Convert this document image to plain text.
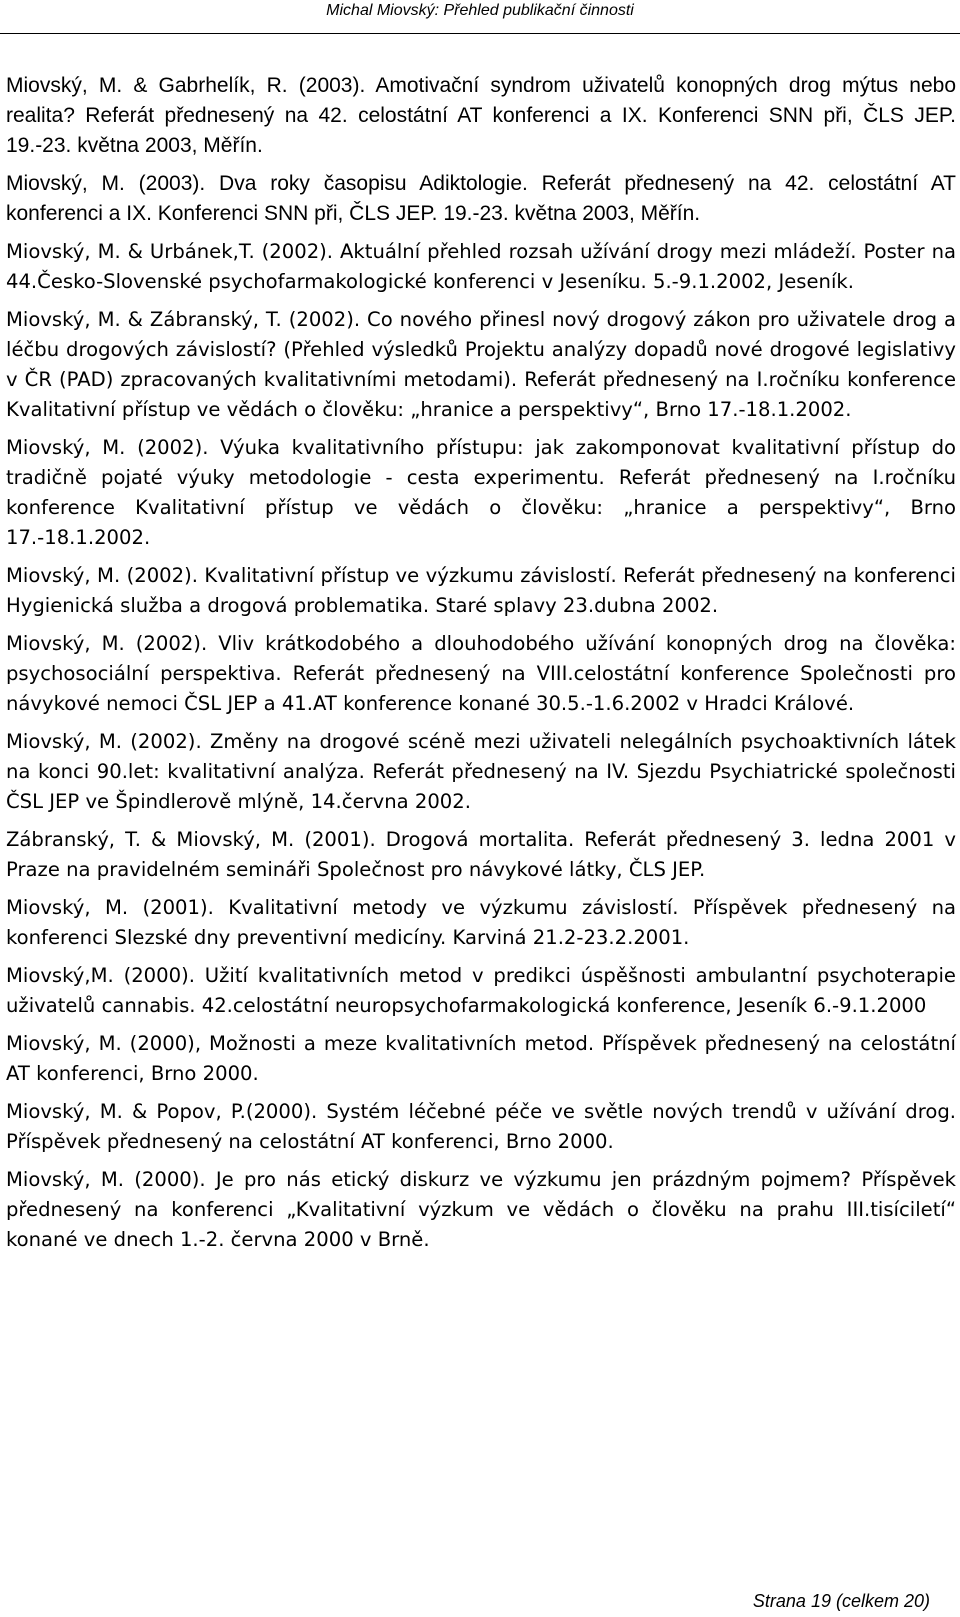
Michal Miovský: Přehled publikační činnosti

Miovský, M. & Gabrhelík, R. (2003). Amotivační syndrom uživatelů konopných drog mýtus nebo realita? Referát přednesený na 42. celostátní AT konferenci a IX. Konferenci SNN při, ČLS JEP. 19.-23. května 2003, Měřín.

Miovský, M. (2003). Dva roky časopisu Adiktologie. Referát přednesený na 42. celostátní AT konferenci a IX. Konferenci SNN při, ČLS JEP. 19.-23. května 2003, Měřín.

Miovský, M. & Urbánek,T. (2002). Aktuální přehled rozsah užívání drogy mezi mládeží. Poster na 44.Česko-Slovenské psychofarmakologické konferenci v Jeseníku. 5.-9.1.2002, Jeseník.

Miovský, M. & Zábranský, T. (2002). Co nového přinesl nový drogový zákon pro uživatele drog a léčbu drogových závislostí? (Přehled výsledků Projektu analýzy dopadů nové drogové legislativy v ČR (PAD) zpracovaných kvalitativními metodami). Referát přednesený na I.ročníku konference Kvalitativní přístup ve vědách o člověku: „hranice a perspektivy“, Brno 17.-18.1.2002.

Miovský, M. (2002). Výuka kvalitativního přístupu: jak zakomponovat kvalitativní přístup do tradičně pojaté výuky metodologie - cesta experimentu. Referát přednesený na I.ročníku konference Kvalitativní přístup ve vědách o člověku: „hranice a perspektivy“, Brno 17.-18.1.2002.

Miovský, M. (2002). Kvalitativní přístup ve výzkumu závislostí. Referát přednesený na konferenci Hygienická služba a drogová problematika. Staré splavy 23.dubna 2002.

Miovský, M. (2002). Vliv krátkodobého a dlouhodobého užívání konopných drog na člověka: psychosociální perspektiva. Referát přednesený na VIII.celostátní konference Společnosti pro návykové nemoci ČSL JEP a 41.AT konference konané 30.5.-1.6.2002 v Hradci Králové.

Miovský, M. (2002). Změny na drogové scéně mezi uživateli nelegálních psychoaktivních látek na konci 90.let: kvalitativní analýza. Referát přednesený na IV. Sjezdu Psychiatrické společnosti ČSL JEP ve Špindlerově mlýně, 14.června 2002.

Zábranský, T. & Miovský, M. (2001). Drogová mortalita. Referát přednesený 3. ledna 2001 v Praze na pravidelném semináři Společnost pro návykové látky, ČLS JEP.

Miovský, M. (2001). Kvalitativní metody ve výzkumu závislostí. Příspěvek přednesený na konferenci Slezské dny preventivní medicíny. Karviná 21.2-23.2.2001.

Miovský,M. (2000). Užití kvalitativních metod v predikci úspěšnosti ambulantní psychoterapie uživatelů cannabis. 42.celostátní neuropsychofarmakologická konference, Jeseník 6.-9.1.2000

Miovský, M. (2000), Možnosti a meze kvalitativních metod. Příspěvek přednesený na celostátní AT konferenci, Brno 2000.

Miovský, M. & Popov, P.(2000). Systém léčebné péče ve světle nových trendů v užívání drog. Příspěvek přednesený na celostátní AT konferenci, Brno 2000.

Miovský, M. (2000). Je pro nás etický diskurz ve výzkumu jen prázdným pojmem? Příspěvek přednesený na konferenci „Kvalitativní výzkum ve vědách o člověku na prahu III.tisíciletí“ konané ve dnech 1.-2. června 2000 v Brně.

Strana 19 (celkem 20)
